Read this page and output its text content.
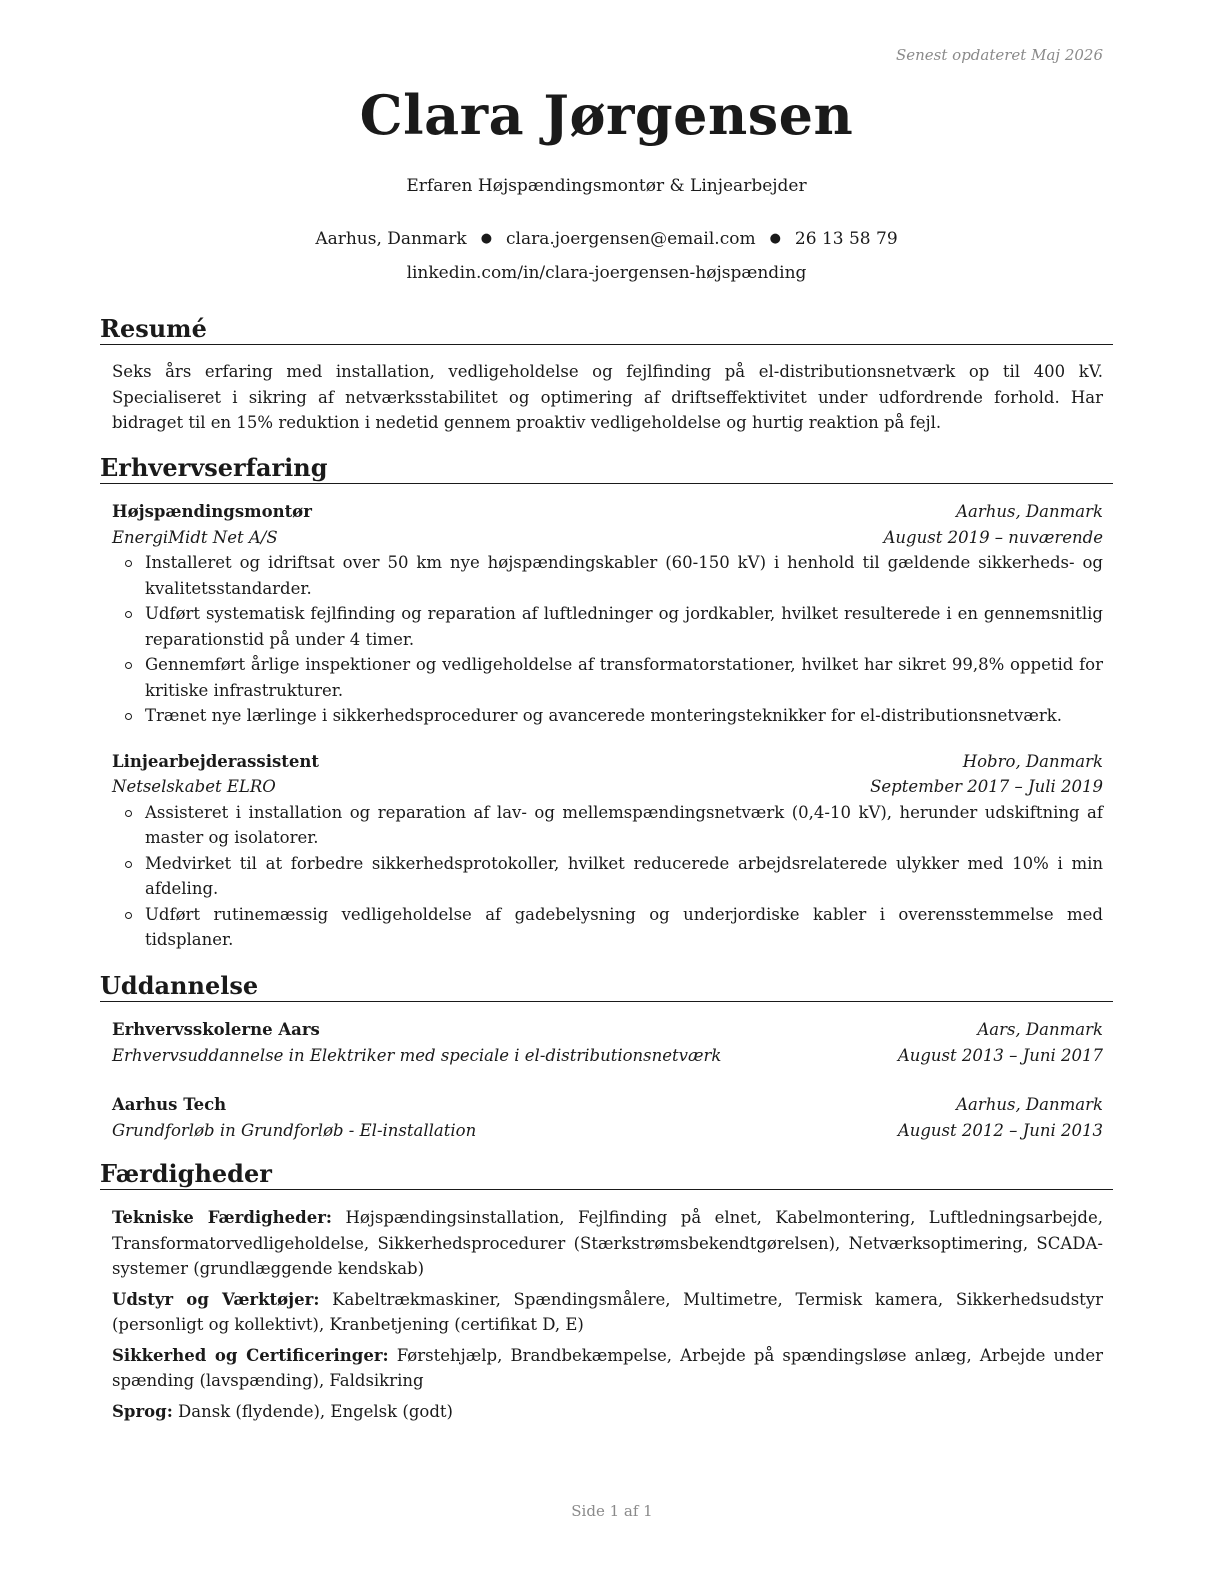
Senest opdateret Maj 2026
Clara Jørgensen
Erfaren Højspændingsmontør & Linjearbejder
Aarhus, Danmark ● clara.joergensen@email.com ● 26 13 58 79
linkedin.com/in/clara-joergensen-højspænding
Resumé
Seks års erfaring med installation, vedligeholdelse og fejlfinding på el-distributionsnetværk op til 400 kV. Specialiseret i sikring af netværksstabilitet og optimering af driftseffektivitet under udfordrende forhold. Har bidraget til en 15% reduktion i nedetid gennem proaktiv vedligeholdelse og hurtig reaktion på fejl.
Erhvervserfaring
Højspændingsmontør	Aarhus, Danmark
EnergiMidt Net A/S	August 2019 – nuværende
Installeret og idriftsat over 50 km nye højspændingskabler (60-150 kV) i henhold til gældende sikkerheds- og kvalitetsstandarder.
Udført systematisk fejlfinding og reparation af luftledninger og jordkabler, hvilket resulterede i en gennemsnitlig reparationstid på under 4 timer.
Gennemført årlige inspektioner og vedligeholdelse af transformatorstationer, hvilket har sikret 99,8% oppetid for kritiske infrastrukturer.
Trænet nye lærlinge i sikkerhedsprocedurer og avancerede monteringsteknikker for el-distributionsnetværk.
Linjearbejderassistent	Hobro, Danmark
Netselskabet ELRO	September 2017 – Juli 2019
Assisteret i installation og reparation af lav- og mellemspændingsnetværk (0,4-10 kV), herunder udskiftning af master og isolatorer.
Medvirket til at forbedre sikkerhedsprotokoller, hvilket reducerede arbejdsrelaterede ulykker med 10% i min afdeling.
Udført rutinemæssig vedligeholdelse af gadebelysning og underjordiske kabler i overensstemmelse med tidsplaner.
Uddannelse
Erhvervsskolerne Aars	Aars, Danmark
Erhvervsuddannelse in Elektriker med speciale i el-distributionsnetværk	August 2013 – Juni 2017
Aarhus Tech	Aarhus, Danmark
Grundforløb in Grundforløb - El-installation	August 2012 – Juni 2013
Færdigheder
Tekniske Færdigheder: Højspændingsinstallation, Fejlfinding på elnet, Kabelmontering, Luftledningsarbejde, Transformatorvedligeholdelse, Sikkerhedsprocedurer (Stærkstrømsbekendtgørelsen), Netværksoptimering, SCADA-systemer (grundlæggende kendskab)
Udstyr og Værktøjer: Kabeltrækmaskiner, Spændingsmålere, Multimetre, Termisk kamera, Sikkerhedsudstyr (personligt og kollektivt), Kranbetjening (certifikat D, E)
Sikkerhed og Certificeringer: Førstehjælp, Brandbekæmpelse, Arbejde på spændingsløse anlæg, Arbejde under spænding (lavspænding), Faldsikring
Sprog: Dansk (flydende), Engelsk (godt)
Side 1 af 1
